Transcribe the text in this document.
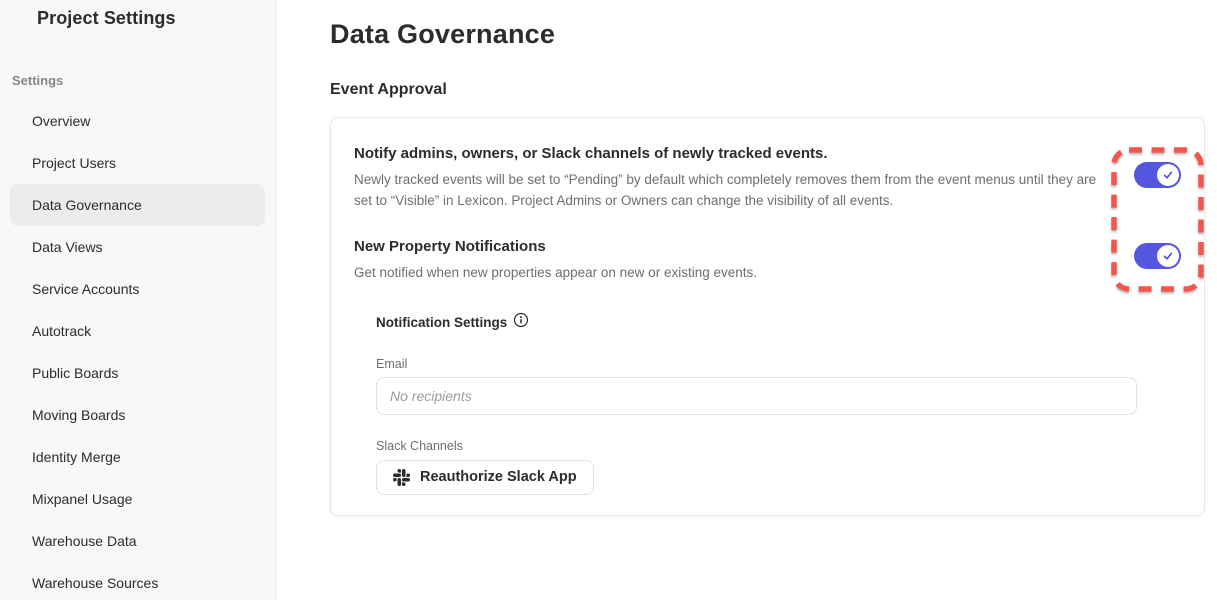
Project Settings
Settings
Overview
Project Users
Data Governance
Data Views
Service Accounts
Autotrack
Public Boards
Moving Boards
Identity Merge
Mixpanel Usage
Warehouse Data
Warehouse Sources
Data Governance
Event Approval
Notify admins, owners, or Slack channels of newly tracked events.

Newly tracked events will be set to “Pending” by default which completely removes them from the event menus until they are set to “Visible” in Lexicon. Project Admins or Owners can change the visibility of all events.

New Property Notifications

Get notified when new properties appear on new or existing events.

Notification Settings
Email
No recipients
Slack Channels
Reauthorize Slack App
